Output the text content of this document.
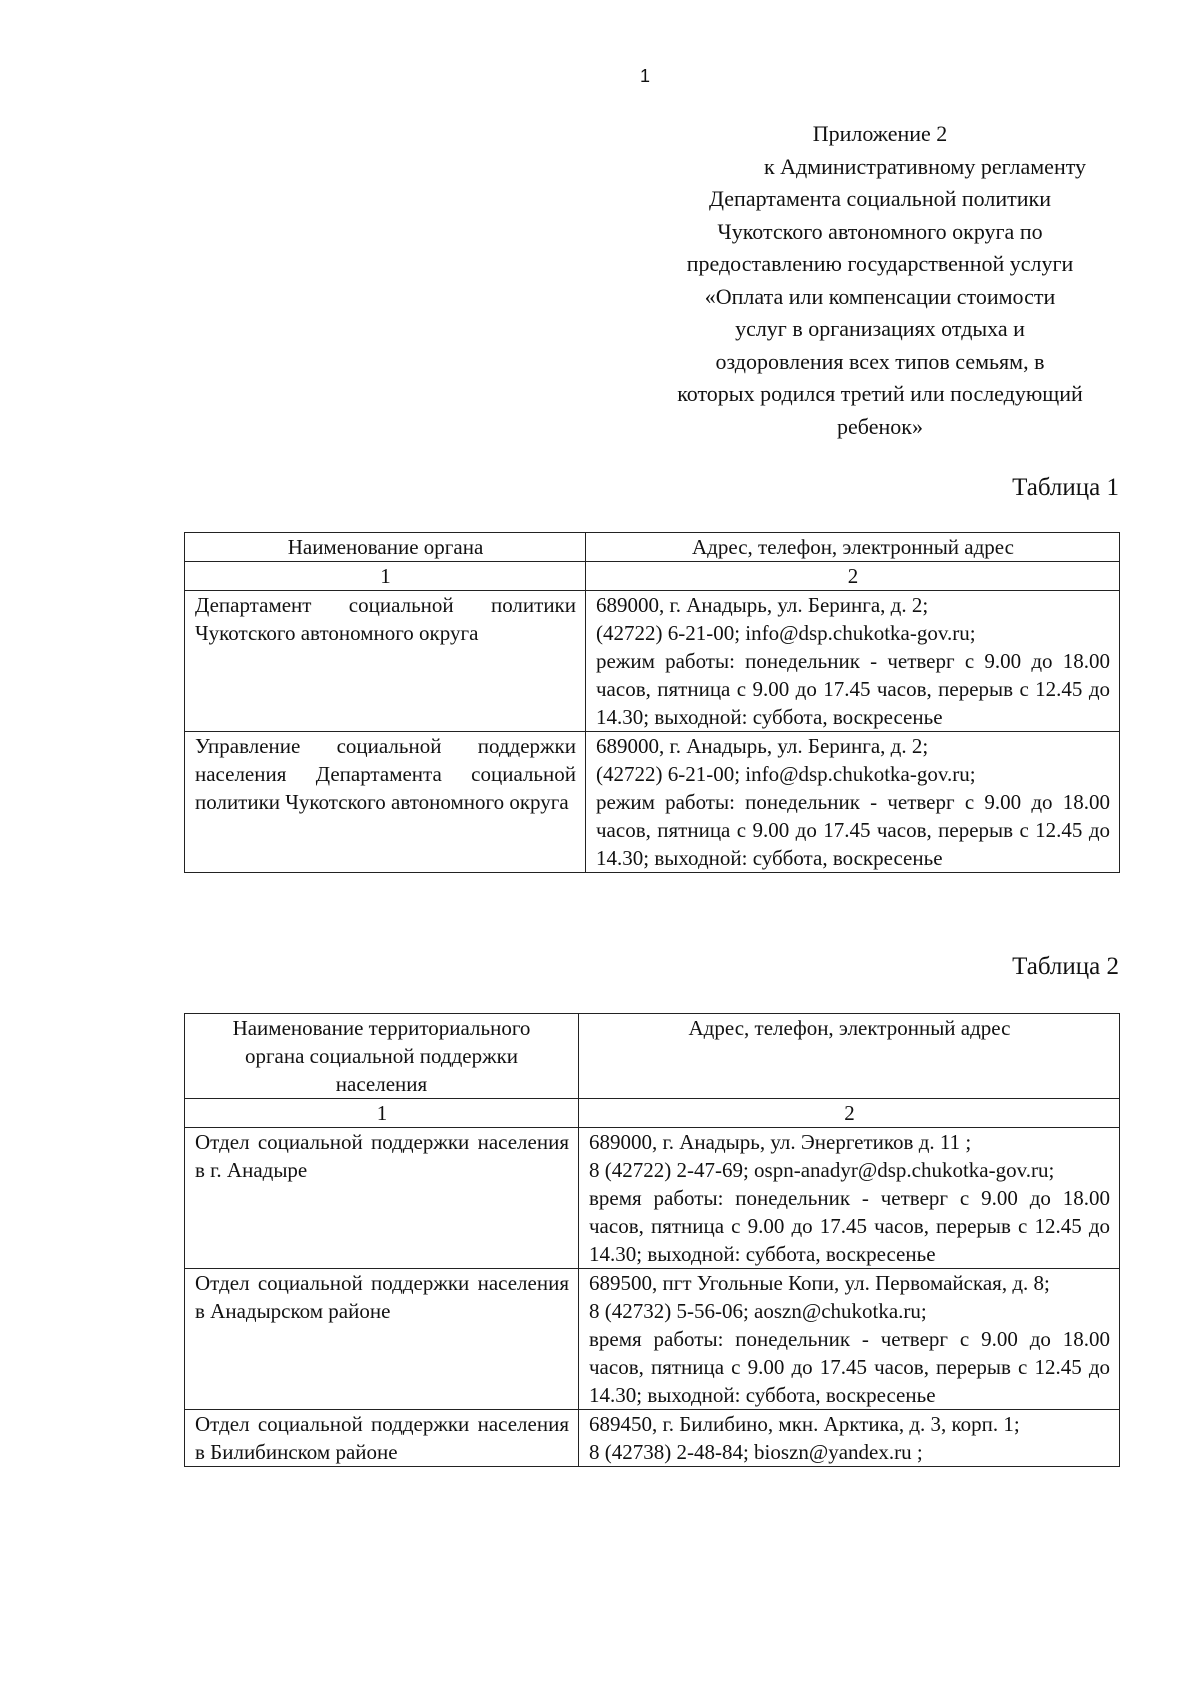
1
Приложение 2
к Административному регламенту
Департамента социальной политики
Чукотского автономного округа по
предоставлению государственной услуги
«Оплата или компенсации стоимости
услуг в организациях отдыха и
оздоровления всех типов семьям, в
которых родился третий или последующий
ребенок»
Таблица 1
Наименование органа	Адрес, телефон, электронный адрес
1	2
Департамент социальной политики Чукотского автономного округа	689000, г. Анадырь, ул. Беринга, д. 2;
(42722) 6-21-00; info@dsp.chukotka-gov.ru;
режим работы: понедельник - четверг с 9.00 до 18.00 часов, пятница с 9.00 до 17.45 часов, перерыв с 12.45 до 14.30; выходной: суббота, воскресенье

Управление социальной поддержки населения Департамента социальной политики Чукотского автономного округа	689000, г. Анадырь, ул. Беринга, д. 2;
(42722) 6-21-00; info@dsp.chukotka-gov.ru;
режим работы: понедельник - четверг с 9.00 до 18.00 часов, пятница с 9.00 до 17.45 часов, перерыв с 12.45 до 14.30; выходной: суббота, воскресенье
Таблица 2
Наименование территориального органа социальной поддержки населения	Адрес, телефон, электронный адрес
1	2
Отдел социальной поддержки населения в г. Анадыре	689000, г. Анадырь, ул. Энергетиков д. 11 ;
8 (42722) 2-47-69; ospn-anadyr@dsp.chukotka-gov.ru;
время работы: понедельник - четверг с 9.00 до 18.00 часов, пятница с 9.00 до 17.45 часов, перерыв с 12.45 до 14.30; выходной: суббота, воскресенье

Отдел социальной поддержки населения в Анадырском районе	689500, пгт Угольные Копи, ул. Первомайская, д. 8;
8 (42732) 5-56-06; aoszn@chukotka.ru;
время работы: понедельник - четверг с 9.00 до 18.00 часов, пятница с 9.00 до 17.45 часов, перерыв с 12.45 до 14.30; выходной: суббота, воскресенье

Отдел социальной поддержки населения в Билибинском районе	689450, г. Билибино, мкн. Арктика, д. 3, корп. 1;
8 (42738) 2-48-84; bioszn@yandex.ru ;
